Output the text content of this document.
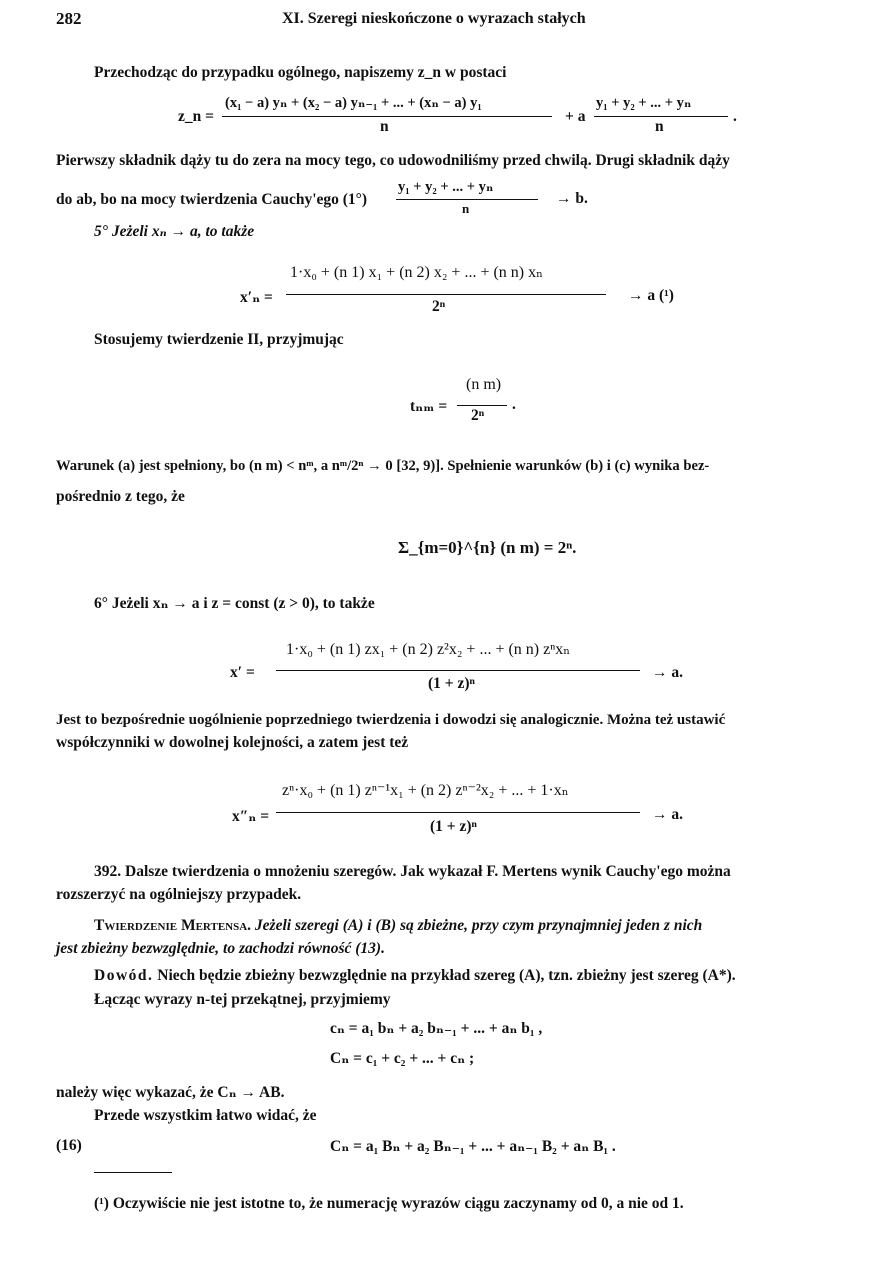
282	XI. Szeregi nieskończone o wyrazach stałych
Przechodząc do przypadku ogólnego, napiszemy z_n w postaci
z_n =
(x₁ − a) yₙ + (x₂ − a) yₙ₋₁ + ... + (xₙ − a) y₁
n
+ a
y₁ + y₂ + ... + yₙ
n
.
Pierwszy składnik dąży tu do zera na mocy tego, co udowodniliśmy przed chwilą. Drugi składnik dąży
do ab, bo na mocy twierdzenia Cauchy'ego (1°)
y₁ + y₂ + ... + yₙ
n
→ b.
5° Jeżeli xₙ → a, to także
x′ₙ =
1·x₀ + (n 1) x₁ + (n 2) x₂ + ... + (n n) xₙ
2ⁿ
→ a (¹)
Stosujemy twierdzenie II, przyjmując
tₙₘ =
(n m)
2ⁿ
.
Warunek (a) jest spełniony, bo (n m) < nᵐ, a nᵐ/2ⁿ → 0 [32, 9)]. Spełnienie warunków (b) i (c) wynika bez-
pośrednio z tego, że
Σ_{m=0}^{n} (n m) = 2ⁿ.
6° Jeżeli xₙ → a i z = const (z > 0), to także
x′ =
1·x₀ + (n 1) zx₁ + (n 2) z²x₂ + ... + (n n) zⁿxₙ
(1 + z)ⁿ
→ a.
Jest to bezpośrednie uogólnienie poprzedniego twierdzenia i dowodzi się analogicznie. Można też ustawić
współczynniki w dowolnej kolejności, a zatem jest też
x″ₙ =
zⁿ·x₀ + (n 1) zⁿ⁻¹x₁ + (n 2) zⁿ⁻²x₂ + ... + 1·xₙ
(1 + z)ⁿ
→ a.
392. Dalsze twierdzenia o mnożeniu szeregów. Jak wykazał F. Mertens wynik Cauchy'ego można
rozszerzyć na ogólniejszy przypadek.
Twierdzenie Mertensa. Jeżeli szeregi (A) i (B) są zbieżne, przy czym przynajmniej jeden z nich
jest zbieżny bezwzględnie, to zachodzi równość (13).
Dowód. Niech będzie zbieżny bezwzględnie na przykład szereg (A), tzn. zbieżny jest szereg (A*).
Łącząc wyrazy n-tej przekątnej, przyjmiemy
cₙ = a₁ bₙ + a₂ bₙ₋₁ + ... + aₙ b₁ ,
Cₙ = c₁ + c₂ + ... + cₙ ;
należy więc wykazać, że Cₙ → AB.
Przede wszystkim łatwo widać, że
(16)	Cₙ = a₁ Bₙ + a₂ Bₙ₋₁ + ... + aₙ₋₁ B₂ + aₙ B₁ .
(¹) Oczywiście nie jest istotne to, że numerację wyrazów ciągu zaczynamy od 0, a nie od 1.
